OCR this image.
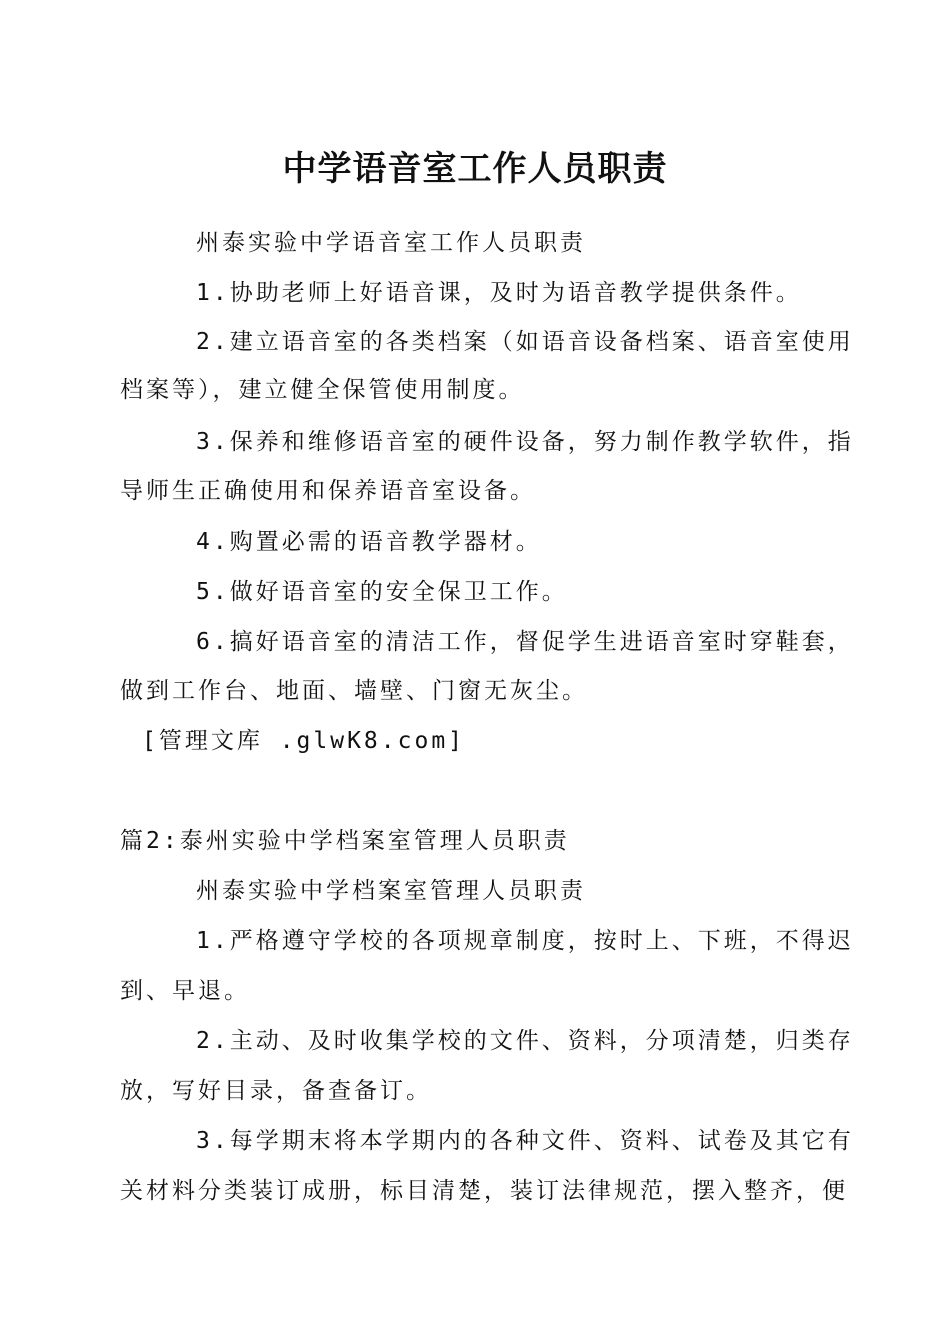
中学语音室工作人员职责
州泰实验中学语音室工作人员职责
1.协助老师上好语音课，及时为语音教学提供条件。
2.建立语音室的各类档案（如语音设备档案、语音室使用
档案等），建立健全保管使用制度。
3.保养和维修语音室的硬件设备，努力制作教学软件，指
导师生正确使用和保养语音室设备。
4.购置必需的语音教学器材。
5.做好语音室的安全保卫工作。
6.搞好语音室的清洁工作，督促学生进语音室时穿鞋套，
做到工作台、地面、墙壁、门窗无灰尘。
[管理文库 .glwK8.com]
篇2:泰州实验中学档案室管理人员职责
州泰实验中学档案室管理人员职责
1.严格遵守学校的各项规章制度，按时上、下班，不得迟
到、早退。
2.主动、及时收集学校的文件、资料，分项清楚，归类存
放，写好目录，备查备订。
3.每学期末将本学期内的各种文件、资料、试卷及其它有
关材料分类装订成册，标目清楚，装订法律规范，摆入整齐，便
